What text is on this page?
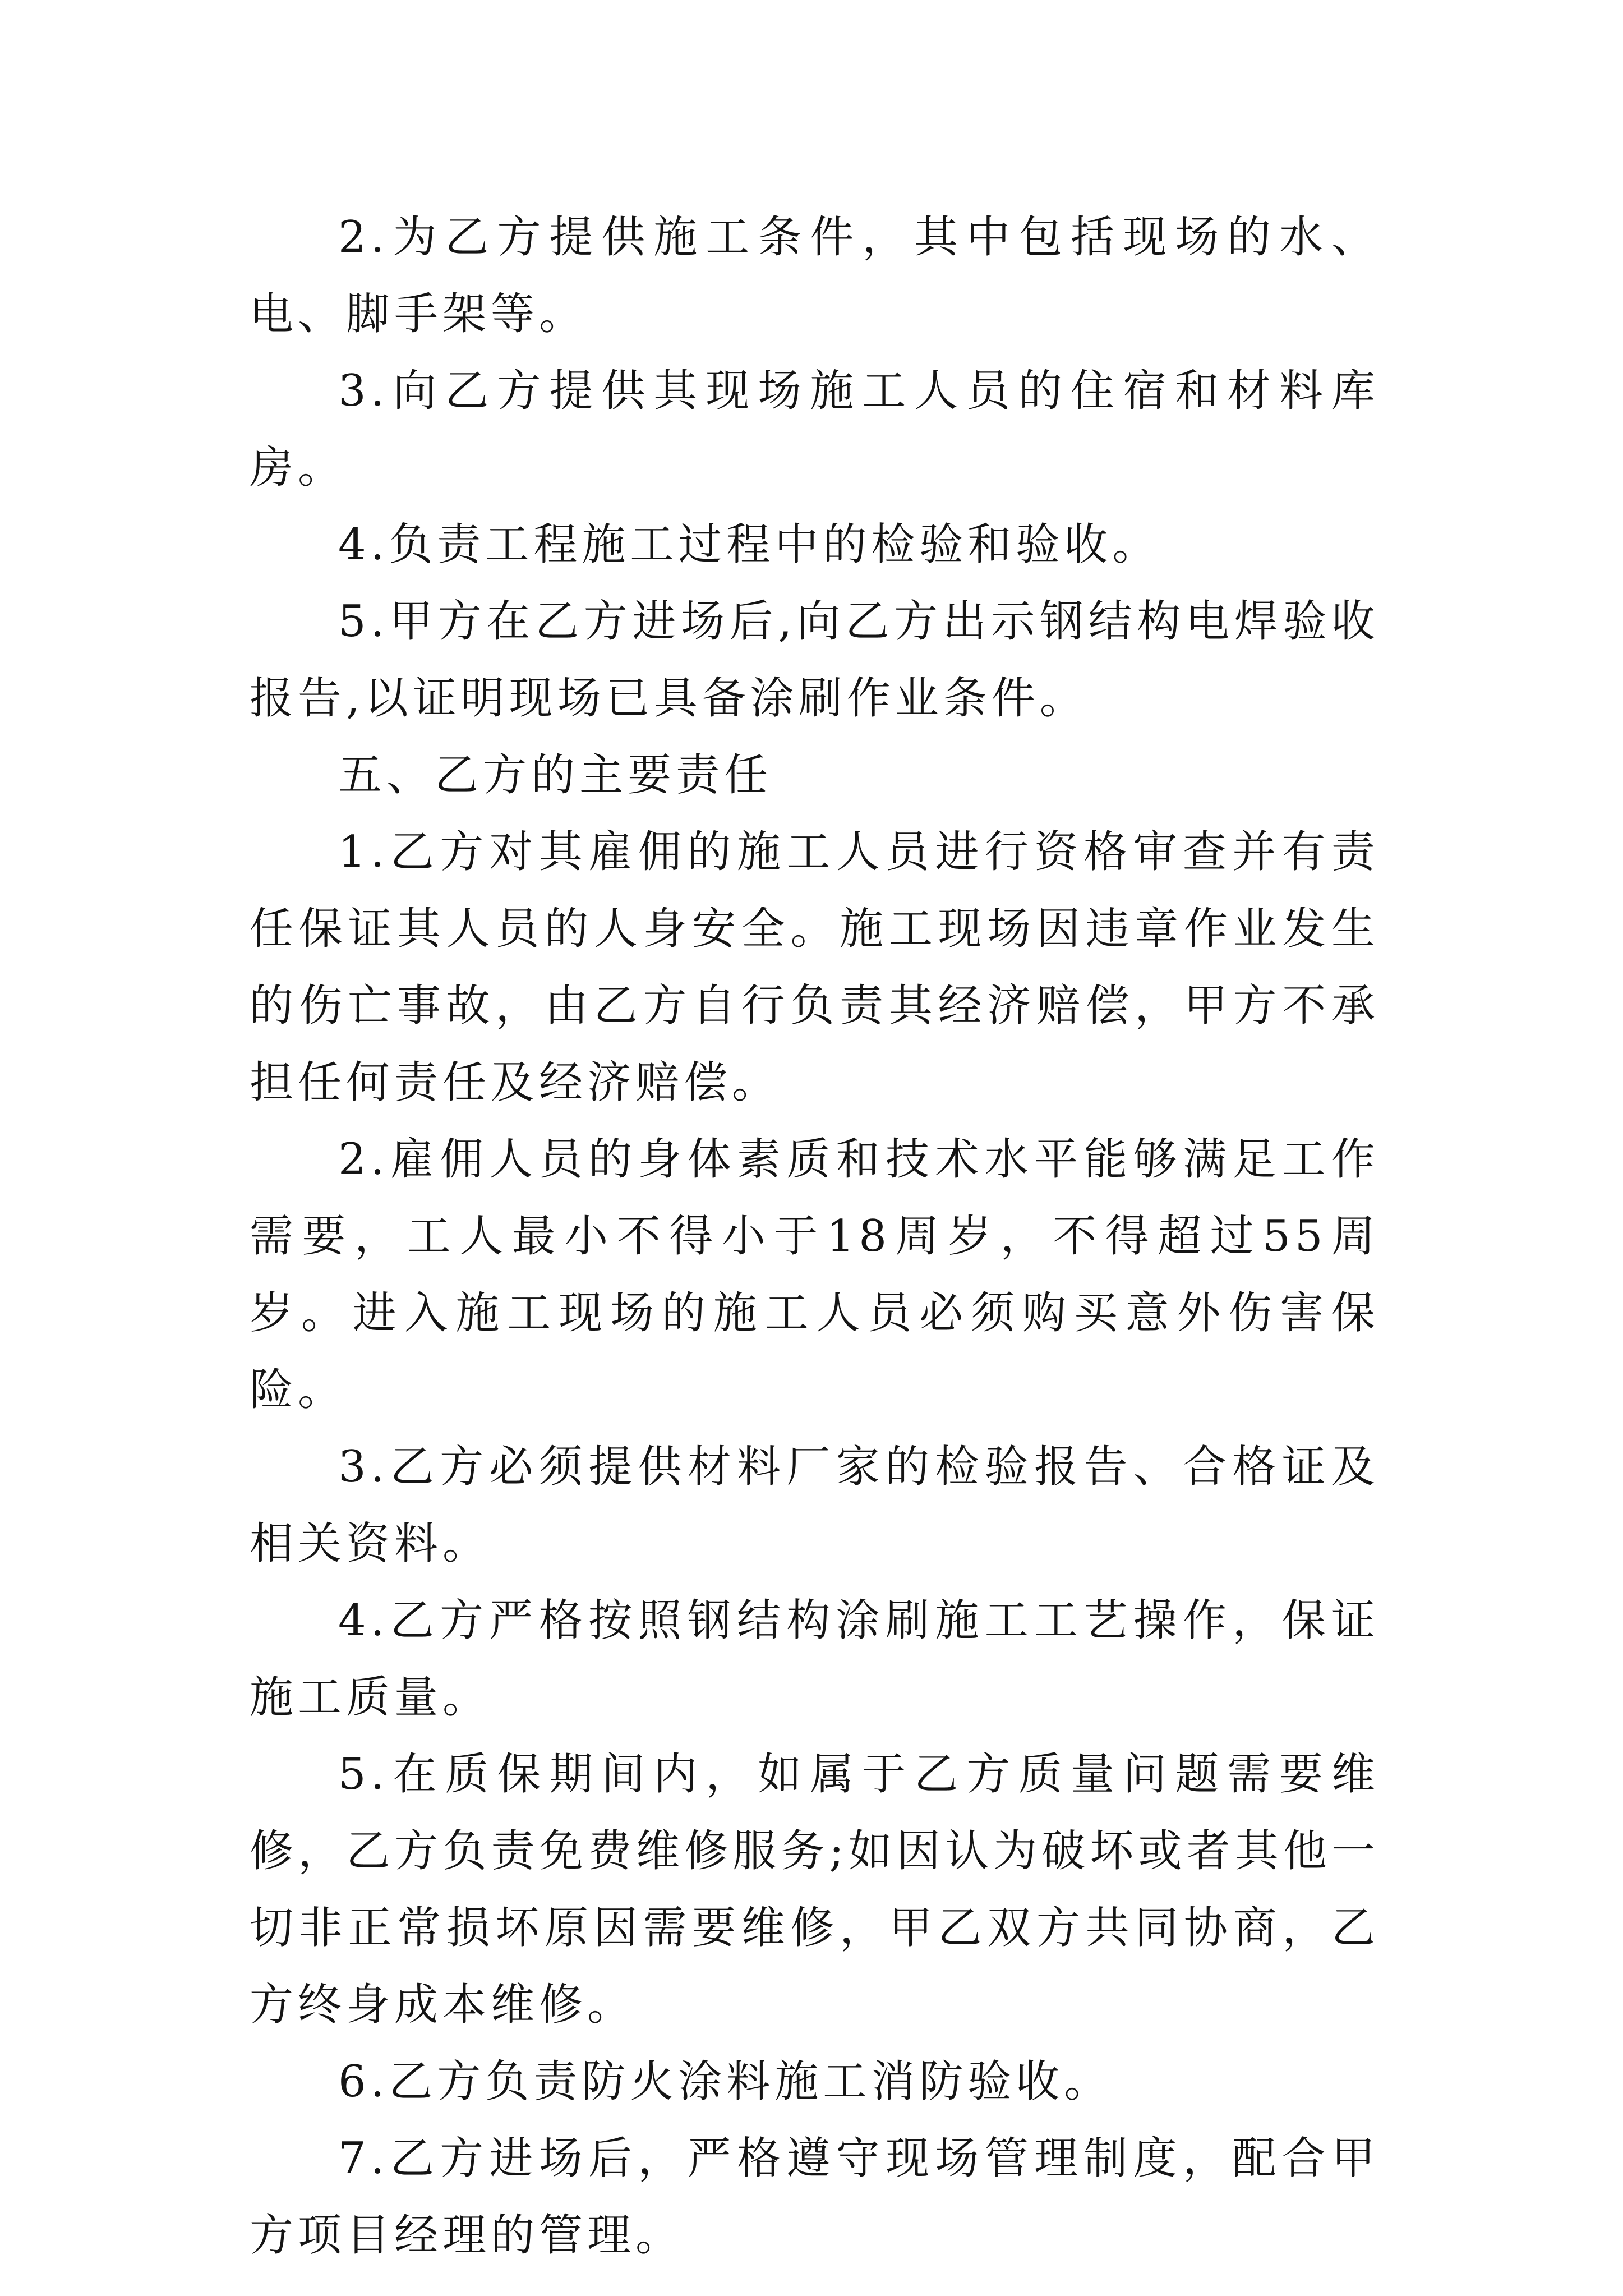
2.为乙方提供施工条件，其中包括现场的水、电、脚手架等。

3.向乙方提供其现场施工人员的住宿和材料库房。

4.负责工程施工过程中的检验和验收。

5.甲方在乙方进场后,向乙方出示钢结构电焊验收报告,以证明现场已具备涂刷作业条件。

五、乙方的主要责任

1.乙方对其雇佣的施工人员进行资格审查并有责任保证其人员的人身安全。施工现场因违章作业发生的伤亡事故，由乙方自行负责其经济赔偿，甲方不承担任何责任及经济赔偿。

2.雇佣人员的身体素质和技术水平能够满足工作需要，工人最小不得小于18周岁，不得超过55周岁。进入施工现场的施工人员必须购买意外伤害保险。

3.乙方必须提供材料厂家的检验报告、合格证及相关资料。

4.乙方严格按照钢结构涂刷施工工艺操作，保证施工质量。

5.在质保期间内，如属于乙方质量问题需要维修，乙方负责免费维修服务;如因认为破坏或者其他一切非正常损坏原因需要维修，甲乙双方共同协商，乙方终身成本维修。

6.乙方负责防火涂料施工消防验收。

7.乙方进场后，严格遵守现场管理制度，配合甲方项目经理的管理。
